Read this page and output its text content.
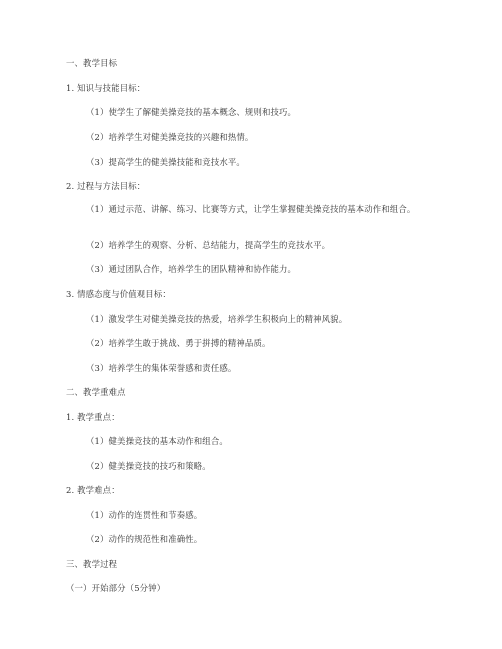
一、教学目标
1. 知识与技能目标：
（1）使学生了解健美操竞技的基本概念、规则和技巧。
（2）培养学生对健美操竞技的兴趣和热情。
（3）提高学生的健美操技能和竞技水平。
2. 过程与方法目标：
（1）通过示范、讲解、练习、比赛等方式，让学生掌握健美操竞技的基本动作和组合。
（2）培养学生的观察、分析、总结能力，提高学生的竞技水平。
（3）通过团队合作，培养学生的团队精神和协作能力。
3. 情感态度与价值观目标：
（1）激发学生对健美操竞技的热爱，培养学生积极向上的精神风貌。
（2）培养学生敢于挑战、勇于拼搏的精神品质。
（3）培养学生的集体荣誉感和责任感。
二、教学重难点
1. 教学重点：
（1）健美操竞技的基本动作和组合。
（2）健美操竞技的技巧和策略。
2. 教学难点：
（1）动作的连贯性和节奏感。
（2）动作的规范性和准确性。
三、教学过程
（一）开始部分（5分钟）
